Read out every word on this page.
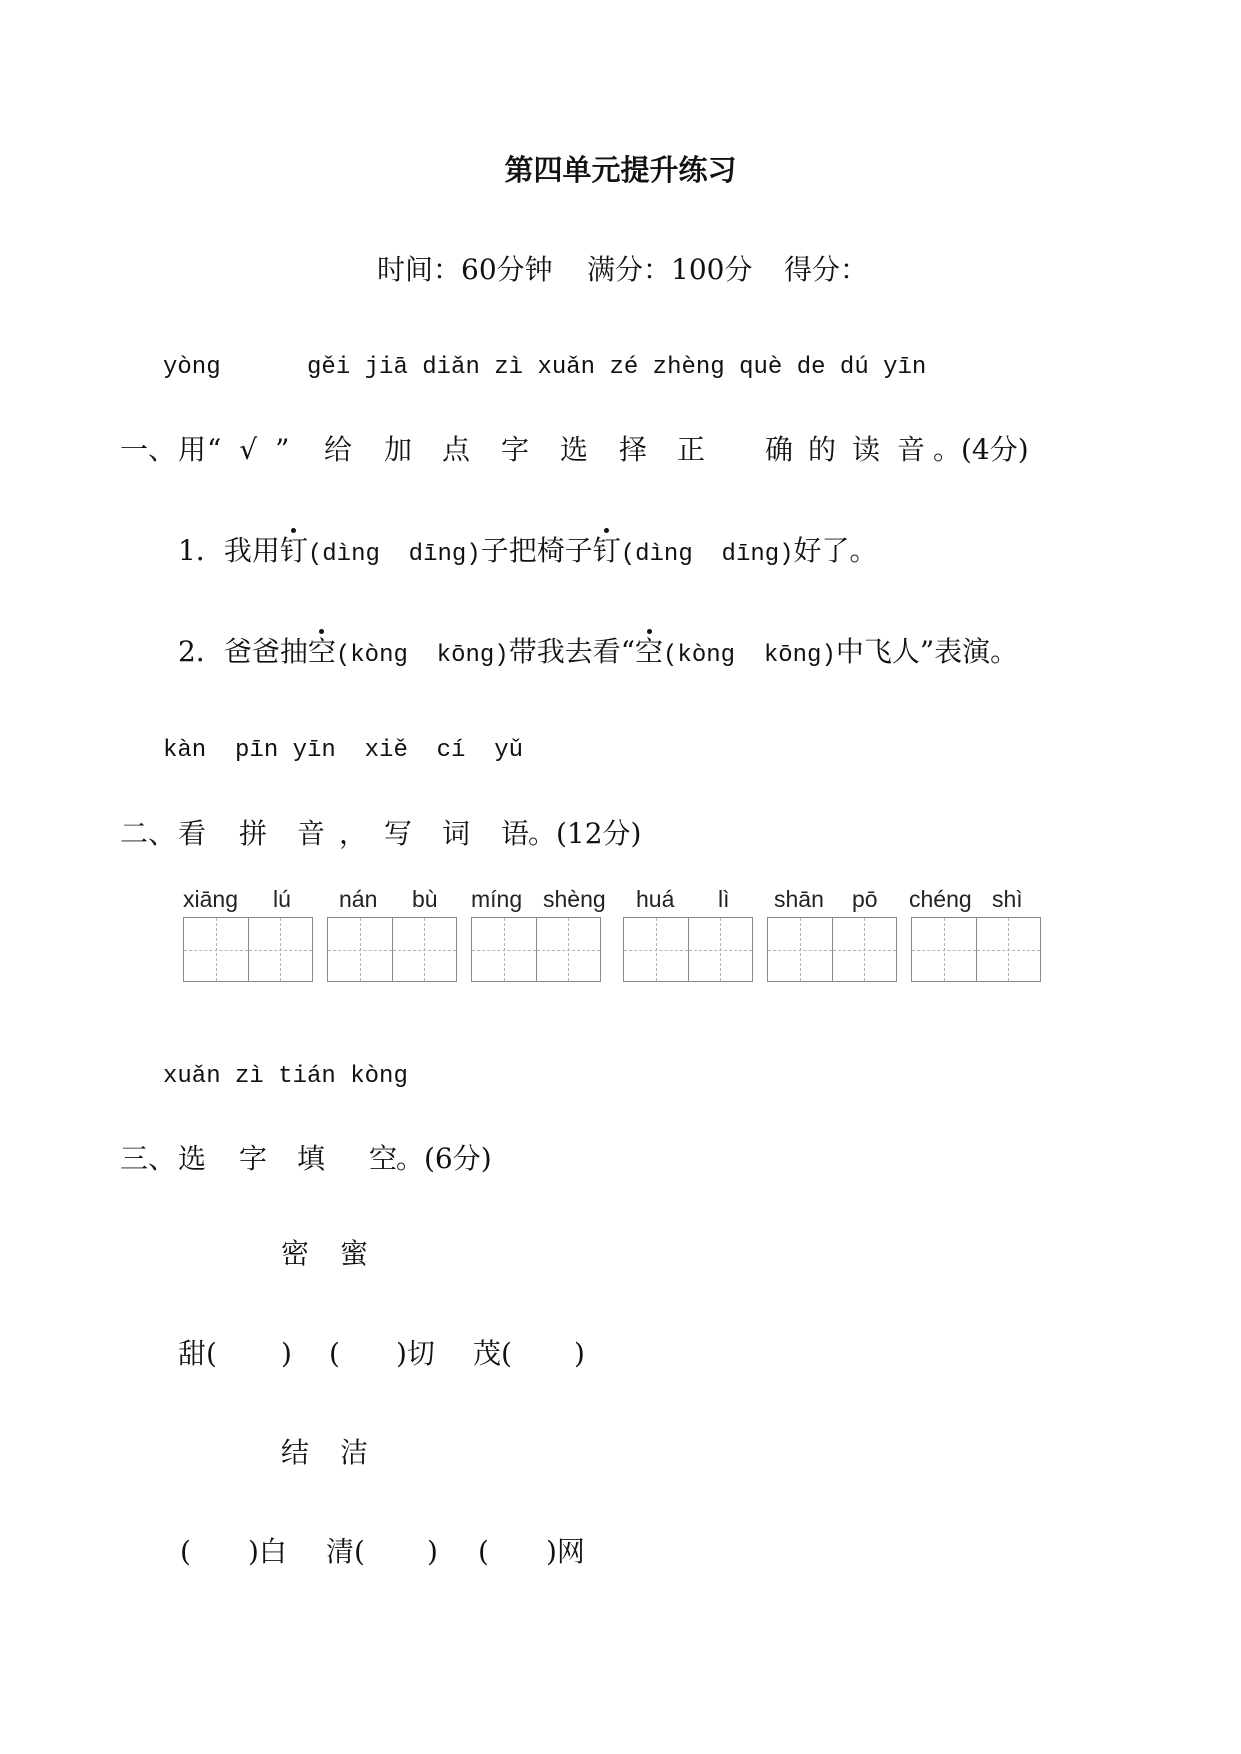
第四单元提升练习
时间：60分钟 满分：100分 得分：
yòng      gěi jiā diǎn zì xuǎn zé zhèng què de dú yīn
一、 用 “√” 给 加 点 字 选 择 正 确 的 读 音 。(4分)
1．我用钉(dìng  dīng)子把椅子钉(dìng  dīng)好了。
2．爸爸抽空(kòng  kōng)带我去看“空(kòng  kōng)中飞人”表演。
kàn  pīn yīn  xiě  cí  yǔ
二、 看 拼 音 ， 写 词 语
。(12分)
xiāng lú nán bù míng shèng huá lì shān pō chéng shì
xuǎn zì tián kòng
三、 选 字 填 空
。(6分)
密 蜜
甜( ) ( )切 茂( )
结 洁
( )白 清( ) ( )网
